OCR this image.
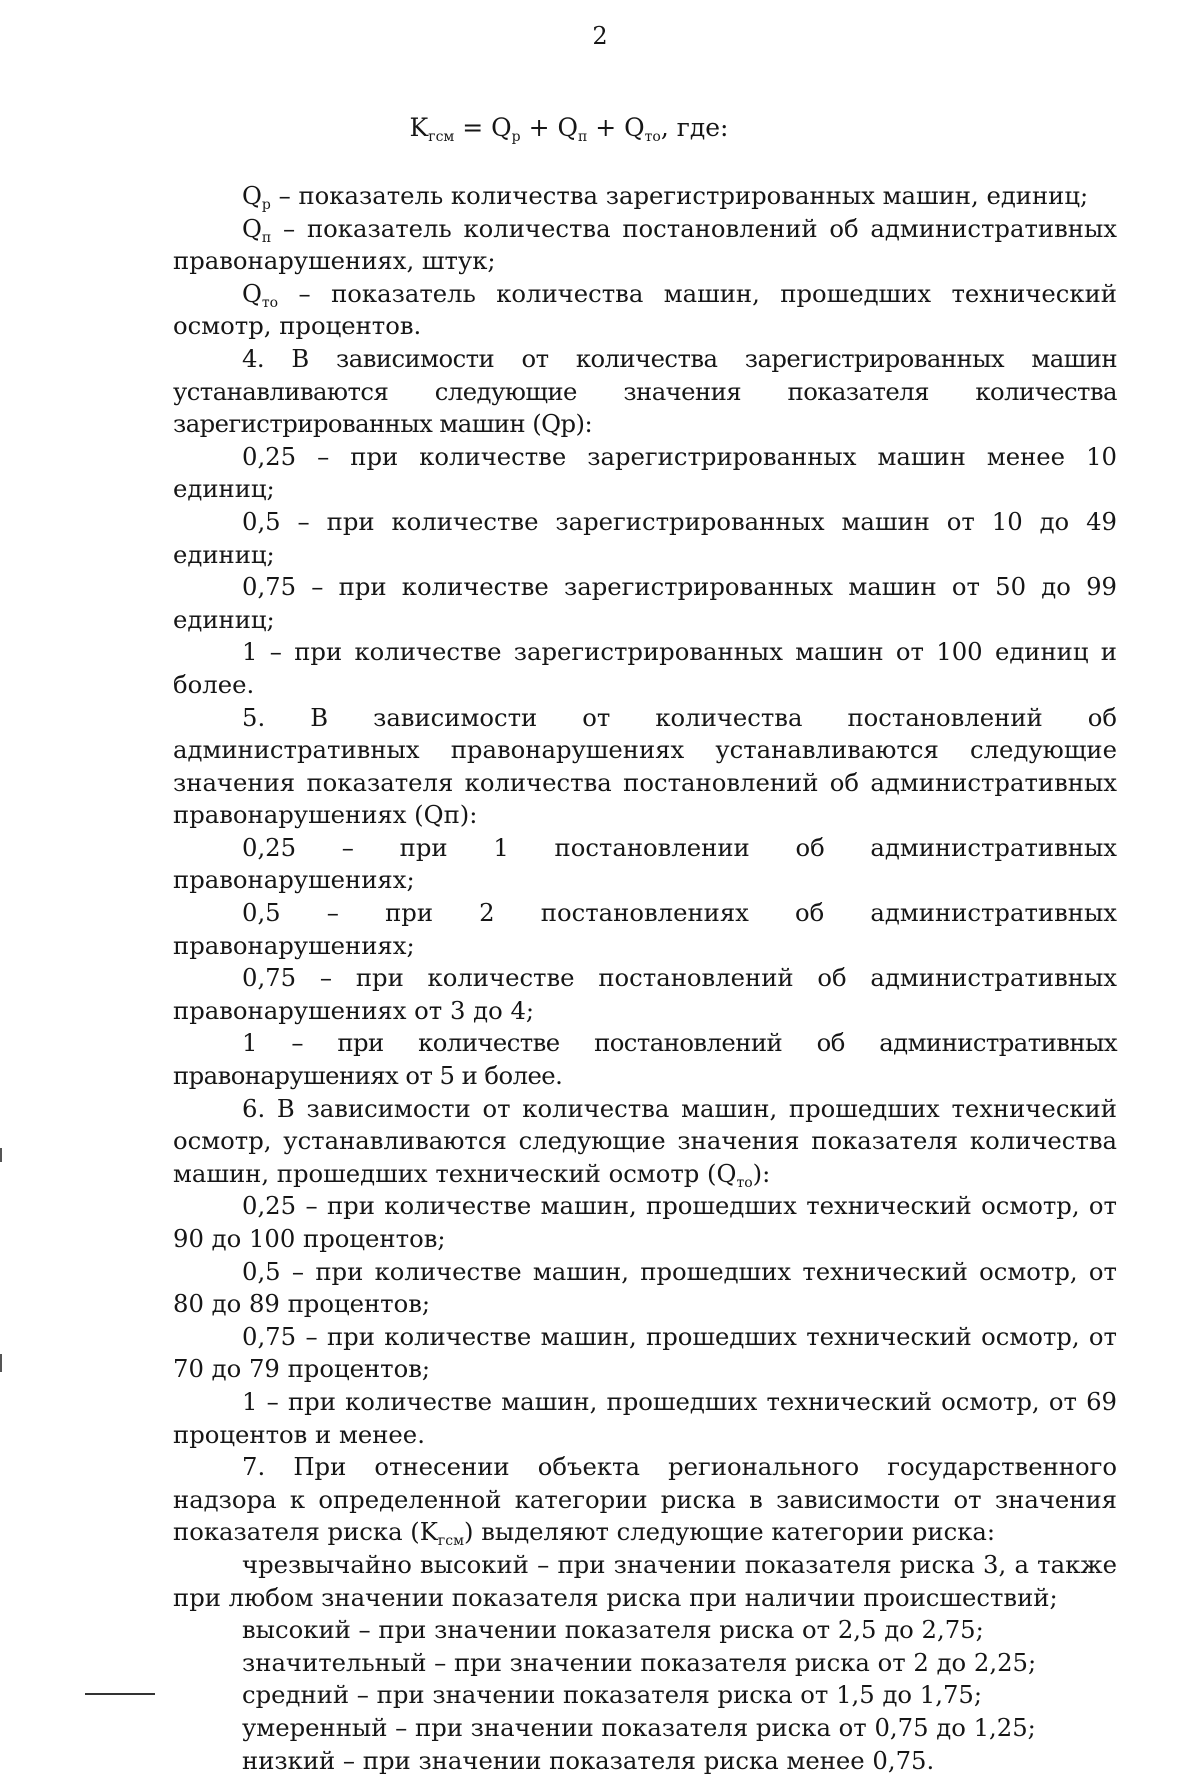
2
$K_{гсм} = Q_р + Q_п + Q_{то}$, где:

$Q_р$ – показатель количества зарегистрированных машин, единиц;

$Q_п$ – показатель количества постановлений об административных правонарушениях, штук;

$Q_{то}$ – показатель количества машин, прошедших технический осмотр, процентов.

4. В зависимости от количества зарегистрированных машин устанавливаются следующие значения показателя количества зарегистрированных машин (Qр):

0,25 – при количестве зарегистрированных машин менее 10 единиц;

0,5 – при количестве зарегистрированных машин от 10 до 49 единиц;

0,75 – при количестве зарегистрированных машин от 50 до 99 единиц;

1 – при количестве зарегистрированных машин от 100 единиц и более.

5. В зависимости от количества постановлений об административных правонарушениях устанавливаются следующие значения показателя количества постановлений об административных правонарушениях (Qп):

0,25 – при 1 постановлении об административных правонарушениях;

0,5 – при 2 постановлениях об административных правонарушениях;

0,75 – при количестве постановлений об административных правонарушениях от 3 до 4;

1 – при количестве постановлений об административных правонарушениях от 5 и более.

6. В зависимости от количества машин, прошедших технический осмотр, устанавливаются следующие значения показателя количества машин, прошедших технический осмотр $(Q_{то})$:

0,25 – при количестве машин, прошедших технический осмотр, от 90 до 100 процентов;

0,5 – при количестве машин, прошедших технический осмотр, от 80 до 89 процентов;

0,75 – при количестве машин, прошедших технический осмотр, от 70 до 79 процентов;

1 – при количестве машин, прошедших технический осмотр, от 69 процентов и менее.

7. При отнесении объекта регионального государственного надзора к определенной категории риска в зависимости от значения показателя риска $(K_{гсм})$ выделяют следующие категории риска:

чрезвычайно высокий – при значении показателя риска 3, а также при любом значении показателя риска при наличии происшествий;

высокий – при значении показателя риска от 2,5 до 2,75;

значительный – при значении показателя риска от 2 до 2,25;

средний – при значении показателя риска от 1,5 до 1,75;

умеренный – при значении показателя риска от 0,75 до 1,25;

низкий – при значении показателя риска менее 0,75.
